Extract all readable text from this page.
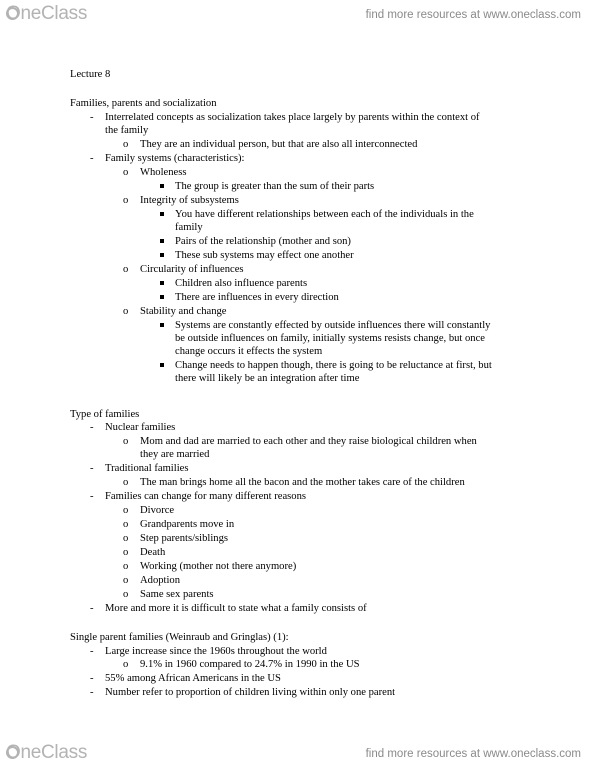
OneClass	find more resources at www.oneclass.com
Lecture 8
Families, parents and socialization
- Interrelated concepts as socialization takes place largely by parents within the context of
the family
o They are an individual person, but that are also all interconnected
- Family systems (characteristics):
o Wholeness
The group is greater than the sum of their parts
o Integrity of subsystems
You have different relationships between each of the individuals in the
family
Pairs of the relationship (mother and son)
These sub systems may effect one another
o Circularity of influences
Children also influence parents
There are influences in every direction
o Stability and change
Systems are constantly effected by outside influences there will constantly
be outside influences on family, initially systems resists change, but once
change occurs it effects the system
Change needs to happen though, there is going to be reluctance at first, but
there will likely be an integration after time
Type of families
- Nuclear families
o Mom and dad are married to each other and they raise biological children when
they are married
- Traditional families
o The man brings home all the bacon and the mother takes care of the children
- Families can change for many different reasons
o Divorce
o Grandparents move in
o Step parents/siblings
o Death
o Working (mother not there anymore)
o Adoption
o Same sex parents
- More and more it is difficult to state what a family consists of
Single parent families (Weinraub and Gringlas) (1):
- Large increase since the 1960s throughout the world
o 9.1% in 1960 compared to 24.7% in 1990 in the US
- 55% among African Americans in the US
- Number refer to proportion of children living within only one parent
OneClass	find more resources at www.oneclass.com
